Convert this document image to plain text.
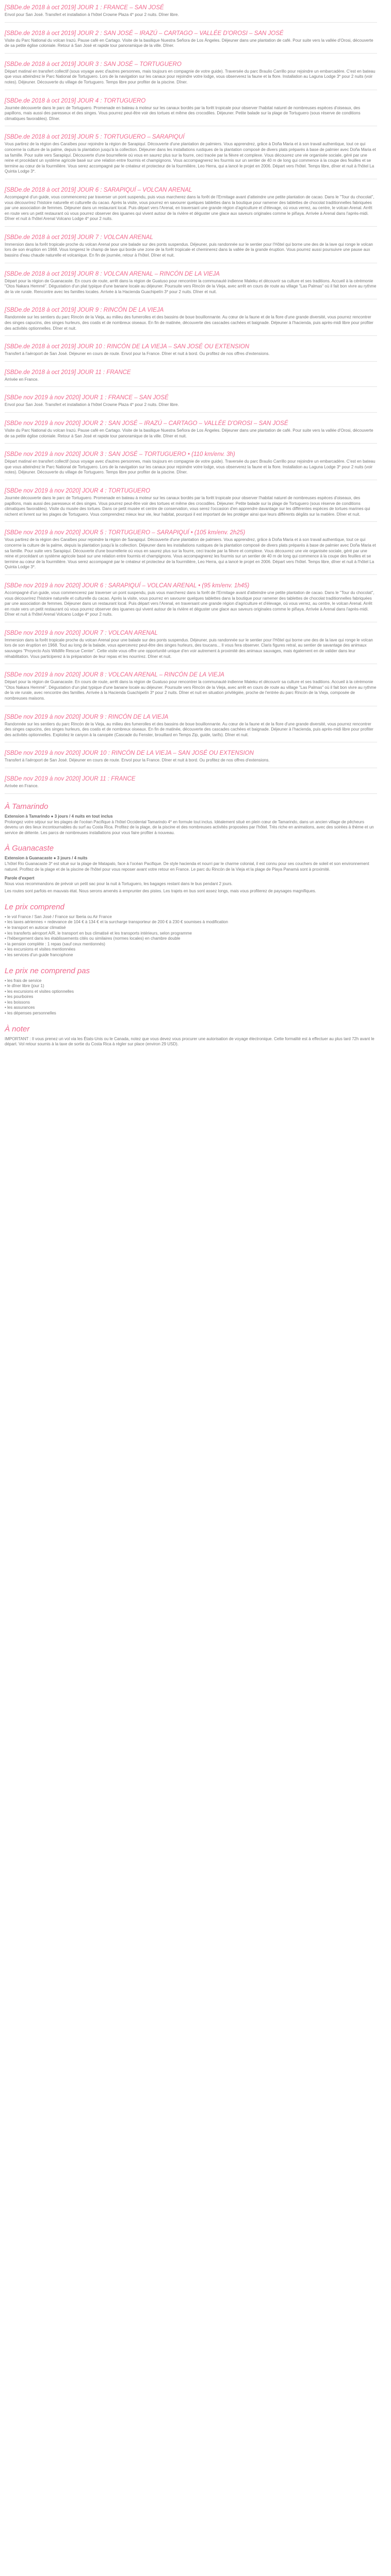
[SBDe.de 2018 à oct 2019] JOUR 1 : FRANCE – SAN JOSÉ

Envol pour San José. Transfert et installation à l'hôtel Crowne Plaza 4* pour 2 nuits. Dîner libre.

[SBDe.de 2018 à oct 2019] JOUR 2 : SAN JOSÉ – IRAZÚ – CARTAGO – VALLÉE D'OROSI – SAN JOSÉ

Visite du Parc National du volcan Irazú. Pause café en Cartago. Visite de la basilique Nuestra Señora de Los Ángeles. Déjeuner dans une plantation de café. Pour suite vers la vallée d'Orosi, découverte de sa petite église coloniale. Retour à San José et rapide tour panoramique de la ville. Dîner.

[SBDe.de 2018 à oct 2019] JOUR 3 : SAN JOSÉ – TORTUGUERO

Départ matinal en transfert collectif (sous voyage avec d'autres personnes, mais toujours en compagnie de votre guide). Traversée du parc Braulio Carrillo pour rejoindre un embarcadère. C'est en bateau que vous atteindrez le Parc National de Tortuguero. Lors de la navigation sur les canaux pour rejoindre votre lodge, vous observerez la faune et la flore. Installation au Laguna Lodge 3* pour 2 nuits (voir notes). Déjeuner. Découverte du village de Tortuguero. Temps libre pour profiter de la piscine. Dîner.

[SBDe.de 2018 à oct 2019] JOUR 4 : TORTUGUERO

Journée découverte dans le parc de Tortuguero. Promenade en bateau à moteur sur les canaux bordés par la forêt tropicale pour observer l'habitat naturel de nombreuses espèces d'oiseaux, des papillons, mais aussi des paresseux et des singes. Vous pourrez peut-être voir des tortues et même des crocodiles. Déjeuner. Petite balade sur la plage de Tortuguero (sous réserve de conditions climatiques favorables). Dîner.

[SBDe.de 2018 à oct 2019] JOUR 5 : TORTUGUERO – SARAPIQUÍ

Vous partirez de la région des Caraïbes pour rejoindre la région de Sarapiquí. Découverte d'une plantation de palmiers. Vous apprendrez, grâce à Doña Maria et à son travail authentique, tout ce qui concerne la culture de la palme, depuis la plantation jusqu'à la collection. Déjeuner dans les installations rustiques de la plantation composé de divers plats préparés à base de palmier avec Doña Maria et sa famille. Pour suite vers Sarapiquí. Découverte d'une bourrellerie où vous en saurez plus sur la fourre, ceci tracée par la fièvre et complexe. Vous découvrez une vie organisée sociale, géré par une reine et procédant un système agricole basé sur une relation entre fourmis et champignons. Vous accompagnerez les fourmis sur un sentier de 40 m de long qui commence à la coupe des feuilles et se termine au cœur de la fourmilière. Vous serez accompagné par le créateur et protecteur de la fourmilière, Leo Herra, qui a lancé le projet en 2006. Départ vers l'hôtel. Temps libre, dîner et nuit à l'hôtel La Quinta Lodge 3*.

[SBDe.de 2018 à oct 2019] JOUR 6 : SARAPIQUÍ – VOLCAN ARENAL

Accompagné d'un guide, vous commencerez par traverser un pont suspendu, puis vous marcherez dans la forêt de l'Ermitage avant d'atteindre une petite plantation de cacao. Dans le "Tour du chocolat", vous découvrirez l'histoire naturelle et culturelle du cacao. Après la visite, vous pourrez en savourer quelques tablettes dans la boutique pour ramener des tablettes de chocolat traditionnelles fabriquées par une association de femmes. Déjeuner dans un restaurant local. Puis départ vers l'Arenal, en traversant une grande région d'agriculture et d'élevage, où vous verrez, au centre, le volcan Arenal. Arrêt en route vers un petit restaurant où vous pourrez observer des iguanes qui vivent autour de la rivière et déguster une glace aux saveurs originales comme le piñaya. Arrivée à Arenal dans l'après-midi. Dîner et nuit à l'hôtel Arenal Volcano Lodge 4* pour 2 nuits.

[SBDe.de 2018 à oct 2019] JOUR 7 : VOLCAN ARENAL

Immersion dans la forêt tropicale proche du volcan Arenal pour une balade sur des ponts suspendus. Déjeuner, puis randonnée sur le sentier pour l'Hôtel qui borne une des de la lave qui ronge le volcan lors de son éruption en 1968. Vous longerez le champ de lave qui borde une zone de la forêt tropicale et cheminerez dans la vallée de la grande éruption. Vous pourrez aussi poursuivre une pause aux bassins d'eau chaude naturelle et volcanique. En fin de journée, retour à l'hôtel. Dîner et nuit.

[SBDe.de 2018 à oct 2019] JOUR 8 : VOLCAN ARENAL – RINCÓN DE LA VIEJA

Départ pour la région de Guanacaste. En cours de route, arrêt dans la région de Guatuso pour rencontrer la communauté indienne Maleku et découvrir sa culture et ses traditions. Accueil à la cérémonie "Otos Nakara Hemmé". Dégustation d'un plat typique d'une banane locale au déjeuner. Poursuite vers Rincón de la Vieja, avec arrêt en cours de route au village "Las Palmas" où il fait bon vivre au rythme de la vie rurale. Rencontre avec les familles locales. Arrivée à la Hacienda Guachipelín 3* pour 2 nuits. Dîner et nuit.

[SBDe.de 2018 à oct 2019] JOUR 9 : RINCÓN DE LA VIEJA

Randonnée sur les sentiers du parc Rincón de la Vieja, au milieu des fumerolles et des bassins de boue bouillonnante. Au cœur de la faune et de la flore d'une grande diversité, vous pourrez rencontrer des singes capucins, des singes hurleurs, des coatis et de nombreux oiseaux. En fin de matinée, découverte des cascades cachées et baignade. Déjeuner à l'hacienda, puis après-midi libre pour profiter des activités optionnelles. Dîner et nuit.

[SBDe.de 2018 à oct 2019] JOUR 10 : RINCÓN DE LA VIEJA – SAN JOSÉ OU EXTENSION

Transfert à l'aéroport de San José. Déjeuner en cours de route. Envol pour la France. Dîner et nuit à bord. Ou profitez de nos offres d'extensions.

[SBDe.de 2018 à oct 2019] JOUR 11 : FRANCE

Arrivée en France.

[SBDe nov 2019 à nov 2020] JOUR 1 : FRANCE – SAN JOSÉ

Envol pour San José. Transfert et installation à l'hôtel Crowne Plaza 4* pour 2 nuits. Dîner libre.

[SBDe nov 2019 à nov 2020] JOUR 2 : SAN JOSÉ – IRAZÚ – CARTAGO – VALLÉE D'OROSI – SAN JOSÉ

Visite du Parc National du volcan Irazú. Pause café en Cartago. Visite de la basilique Nuestra Señora de Los Ángeles. Déjeuner dans une plantation de café. Pour suite vers la vallée d'Orosi, découverte de sa petite église coloniale. Retour à San José et rapide tour panoramique de la ville. Dîner et nuit.

[SBDe nov 2019 à nov 2020] JOUR 3 : SAN JOSÉ – TORTUGUERO • (110 km/env. 3h)

Départ matinal en transfert collectif (sous voyage avec d'autres personnes, mais toujours en compagnie de votre guide). Traversée du parc Braulio Carrillo pour rejoindre un embarcadère. C'est en bateau que vous atteindrez le Parc National de Tortuguero. Lors de la navigation sur les canaux pour rejoindre votre lodge, vous observerez la faune et la flore. Installation au Laguna Lodge 3* pour 2 nuits (voir notes). Déjeuner. Découverte du village de Tortuguero. Temps libre pour profiter de la piscine. Dîner.

[SBDe nov 2019 à nov 2020] JOUR 4 : TORTUGUERO

Journée découverte dans le parc de Tortuguero. Promenade en bateau à moteur sur les canaux bordés par la forêt tropicale pour observer l'habitat naturel de nombreuses espèces d'oiseaux, des papillons, mais aussi des paresseux et des singes. Vous pourrez peut-être voir des tortues et même des crocodiles. Déjeuner. Petite balade sur la plage de Tortuguero (sous réserve de conditions climatiques favorables). Visite du musée des tortues. Dans ce petit musée et centre de conservation, vous serez l'occasion d'en apprendre davantage sur les différentes espèces de tortues marines qui nichent et livrent sur les plages de Tortuguero. Vous comprendrez mieux leur vie, leur habitat, pourquoi il est important de les protéger ainsi que leurs différents dégâts sur la matière. Dîner et nuit.

[SBDe nov 2019 à nov 2020] JOUR 5 : TORTUGUERO – SARAPIQUÍ • (105 km/env. 2h25)

Vous partirez de la région des Caraïbes pour rejoindre la région de Sarapiquí. Découverte d'une plantation de palmiers. Vous apprendrez, grâce à Doña Maria et à son travail authentique, tout ce qui concerne la culture de la palme, depuis la plantation jusqu'à la collection. Déjeuner dans les installations rustiques de la plantation composé de divers plats préparés à base de palmier avec Doña Maria et sa famille. Pour suite vers Sarapiquí. Découverte d'une bourrellerie où vous en saurez plus sur la fourre, ceci tracée par la fièvre et complexe. Vous découvrez une vie organisée sociale, géré par une reine et procédant un système agricole basé sur une relation entre fourmis et champignons. Vous accompagnerez les fourmis sur un sentier de 40 m de long qui commence à la coupe des feuilles et se termine au cœur de la fourmilière. Vous serez accompagné par le créateur et protecteur de la fourmilière, Leo Herra, qui a lancé le projet en 2006. Départ vers l'hôtel. Temps libre, dîner et nuit à l'hôtel La Quinta Lodge 3*.

[SBDe nov 2019 à nov 2020] JOUR 6 : SARAPIQUÍ – VOLCAN ARENAL • (95 km/env. 1h45)

Accompagné d'un guide, vous commencerez par traverser un pont suspendu, puis vous marcherez dans la forêt de l'Ermitage avant d'atteindre une petite plantation de cacao. Dans le "Tour du chocolat", vous découvrirez l'histoire naturelle et culturelle du cacao. Après la visite, vous pourrez en savourer quelques tablettes dans la boutique pour ramener des tablettes de chocolat traditionnelles fabriquées par une association de femmes. Déjeuner dans un restaurant local. Puis départ vers l'Arenal, en traversant une grande région d'agriculture et d'élevage, où vous verrez, au centre, le volcan Arenal. Arrêt en route vers un petit restaurant où vous pourrez observer des iguanes qui vivent autour de la rivière et déguster une glace aux saveurs originales comme le piñaya. Arrivée à Arenal dans l'après-midi. Dîner et nuit à l'hôtel Arenal Volcano Lodge 4* pour 2 nuits.

[SBDe nov 2019 à nov 2020] JOUR 7 : VOLCAN ARENAL

Immersion dans la forêt tropicale proche du volcan Arenal pour une balade sur des ponts suspendus. Déjeuner, puis randonnée sur le sentier pour l'Hôtel qui borne une des de la lave qui ronge le volcan lors de son éruption en 1968. Tout au long de la balade, vous apercevrez peut-être des singes hurleurs, des toucans... Il vous fera observer. Claris figures retral, au sentier de savantage des animaux sauvages "Proyecto Asís Wildlife Rescue Center". Cette visite vous offre une opportunité unique d'en voir autrement à proximité des animaux sauvages, mais également en de valider dans leur réhabilitation. Vous participerez à la préparation de leur repas et les nourrirez. Dîner et nuit.

[SBDe nov 2019 à nov 2020] JOUR 8 : VOLCAN ARENAL – RINCÓN DE LA VIEJA

Départ pour la région de Guanacaste. En cours de route, arrêt dans la région de Guatuso pour rencontrer la communauté indienne Maleku et découvrir sa culture et ses traditions. Accueil à la cérémonie "Otos Nakara Hemmé". Dégustation d'un plat typique d'une banane locale au déjeuner. Poursuite vers Rincón de la Vieja, avec arrêt en cours de route au village "Las Palmas" où il fait bon vivre au rythme de la vie rurale, avec rencontre des familles. Arrivée à la Hacienda Guachipelín 3* pour 2 nuits. Dîner et nuit en situation privilégiée, proche de l'entrée du parc Rincón de la Vieja, composée de nombreuses maisons.

[SBDe nov 2019 à nov 2020] JOUR 9 : RINCÓN DE LA VIEJA

Randonnée sur les sentiers du parc Rincón de la Vieja, au milieu des fumerolles et des bassins de boue bouillonnante. Au cœur de la faune et de la flore d'une grande diversité, vous pourrez rencontrer des singes capucins, des singes hurleurs, des coatis et de nombreux oiseaux. En fin de matinée, découverte des cascades cachées et baignade. Déjeuner à l'hacienda, puis après-midi libre pour profiter des activités optionnelles. Exploitez le canyon à la canopée (Cascade du Fenster, brouillard en Temps Zip, guide, tarifs). Dîner et nuit.

[SBDe nov 2019 à nov 2020] JOUR 10 : RINCÓN DE LA VIEJA – SAN JOSÉ OU EXTENSION

Transfert à l'aéroport de San José. Déjeuner en cours de route. Envol pour la France. Dîner et nuit à bord. Ou profitez de nos offres d'extensions.

[SBDe nov 2019 à nov 2020] JOUR 11 : FRANCE

Arrivée en France.

À Tamarindo
Extension à Tamarindo ● 3 jours / 4 nuits en tout inclus

Prolongez votre séjour sur les plages de l'océan Pacifique à l'hôtel Occidental Tamarindo 4* en formule tout inclus. Idéalement situé en plein cœur de Tamarindo, dans un ancien village de pêcheurs devenu un des lieux incontournables du surf au Costa Rica. Profitez de la plage, de la piscine et des nombreuses activités proposées par l'hôtel. Très riche en animations, avec des soirées à thème et un service de détente. Les parcs de nombreuses installations pour vous faire profiter à nouveau.

À Guanacaste
Extension à Guanacaste ● 3 jours / 4 nuits

L'hôtel Rio Guanacaste 3* est situé sur la plage de Matapalo, face à l'océan Pacifique. De style hacienda et nourri par le charme colonial, il est connu pour ses couchers de soleil et son environnement naturel. Profitez de la plage et de la piscine de l'hôtel pour vous reposer avant votre retour en France. Le parc du Rincón de la Vieja et la plage de Playa Panamá sont à proximité.

Parole d'expert

Nous vous recommandons de prévoir un petit sac pour la nuit à Tortuguero, les bagages restant dans le bus pendant 2 jours.

Les routes sont parfois en mauvais état. Nous serons amenés à emprunter des pistes. Les trajets en bus sont assez longs, mais vous profiterez de paysages magnifiques.

Le prix comprend
• le vol France / San José / France sur Iberia ou Air France
• les taxes aériennes + redevance de 104 € à 134 € et la surcharge transporteur de 200 € à 230 € soumises à modification
• le transport en autocar climatisé
• les transferts aéroport A/R, le transport en bus climatisé et les transports intérieurs, selon programme
• l'hébergement dans les établissements cités ou similaires (normes locales) en chambre double
• la pension complète : 1 repas (sauf ceux mentionnés)
• les excursions et visites mentionnées
• les services d'un guide francophone
Le prix ne comprend pas
• les frais de service
• le dîner libre (jour 1)
• les excursions et visites optionnelles
• les pourboires
• les boissons
• les assurances
• les dépenses personnelles
À noter

IMPORTANT : Il vous prenez un vol via les États-Unis ou le Canada, notez que vous devez vous procurer une autorisation de voyage électronique. Cette formalité est à effectuer au plus tard 72h avant le départ. Vol retour soumis à la taxe de sortie du Costa Rica à régler sur place (environ 29 USD).
